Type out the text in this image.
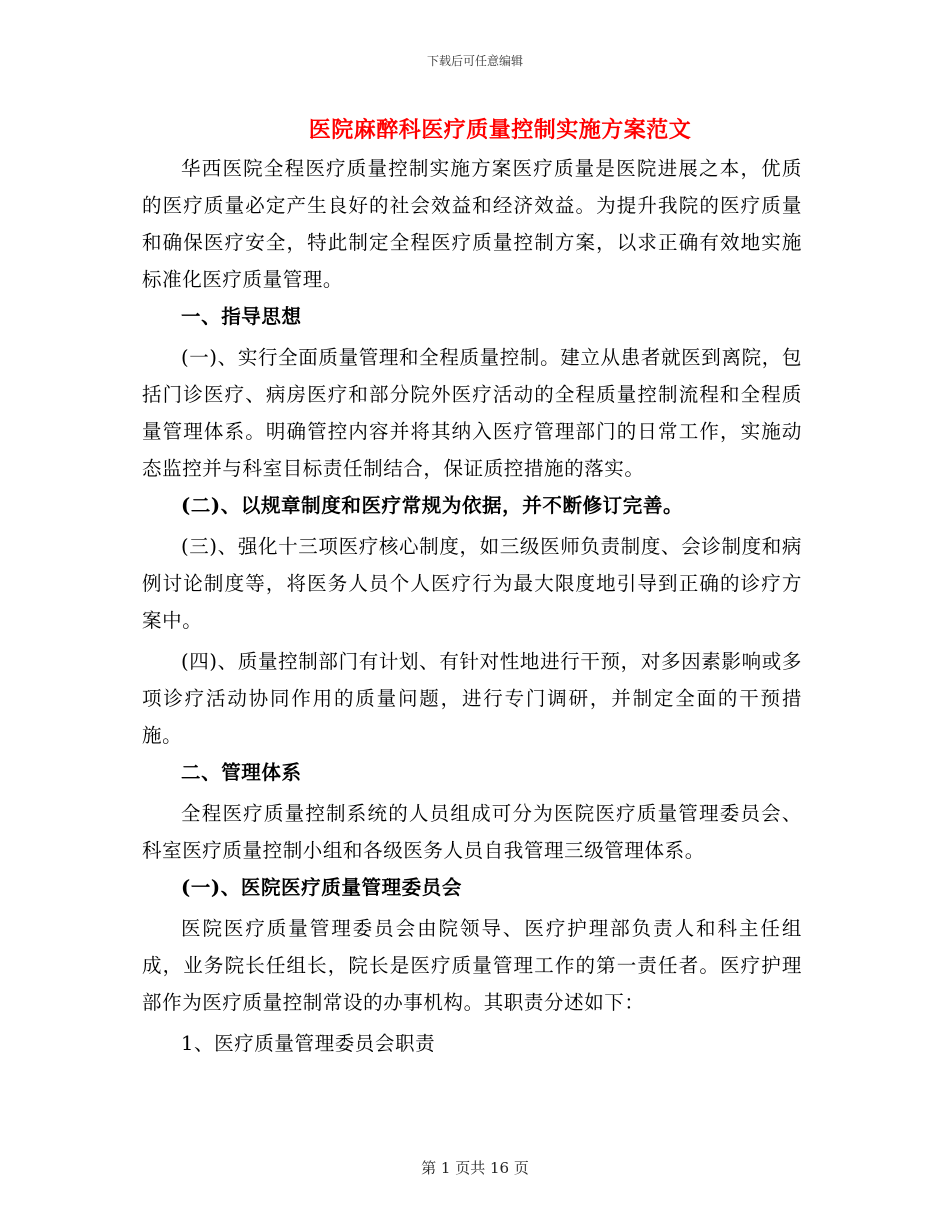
下载后可任意编辑
医院麻醉科医疗质量控制实施方案范文

华西医院全程医疗质量控制实施方案医疗质量是医院进展之本，优质的医疗质量必定产生良好的社会效益和经济效益。为提升我院的医疗质量和确保医疗安全，特此制定全程医疗质量控制方案，以求正确有效地实施标准化医疗质量管理。

一、指导思想

(一)、实行全面质量管理和全程质量控制。建立从患者就医到离院，包括门诊医疗、病房医疗和部分院外医疗活动的全程质量控制流程和全程质量管理体系。明确管控内容并将其纳入医疗管理部门的日常工作，实施动态监控并与科室目标责任制结合，保证质控措施的落实。

(二)、以规章制度和医疗常规为依据，并不断修订完善。

(三)、强化十三项医疗核心制度，如三级医师负责制度、会诊制度和病例讨论制度等，将医务人员个人医疗行为最大限度地引导到正确的诊疗方案中。

(四)、质量控制部门有计划、有针对性地进行干预，对多因素影响或多项诊疗活动协同作用的质量问题，进行专门调研，并制定全面的干预措施。

二、管理体系

全程医疗质量控制系统的人员组成可分为医院医疗质量管理委员会、科室医疗质量控制小组和各级医务人员自我管理三级管理体系。

(一)、医院医疗质量管理委员会

医院医疗质量管理委员会由院领导、医疗护理部负责人和科主任组成，业务院长任组长，院长是医疗质量管理工作的第一责任者。医疗护理部作为医疗质量控制常设的办事机构。其职责分述如下：

1、医疗质量管理委员会职责

第 1 页共 16 页
